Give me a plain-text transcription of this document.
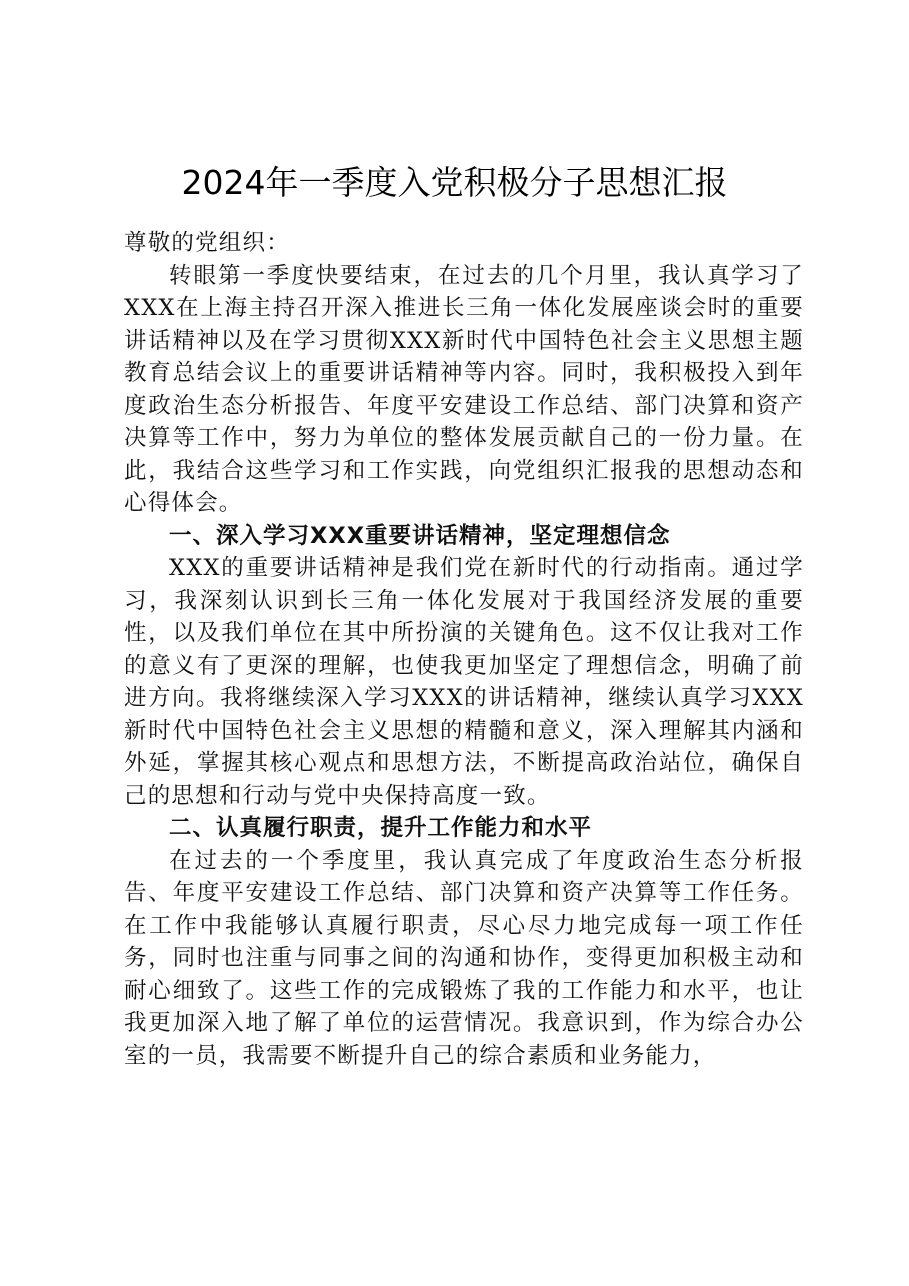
2024年一季度入党积极分子思想汇报

尊敬的党组织：

转眼第一季度快要结束，在过去的几个月里，我认真学习了XXX在上海主持召开深入推进长三角一体化发展座谈会时的重要讲话精神以及在学习贯彻XXX新时代中国特色社会主义思想主题教育总结会议上的重要讲话精神等内容。同时，我积极投入到年度政治生态分析报告、年度平安建设工作总结、部门决算和资产决算等工作中，努力为单位的整体发展贡献自己的一份力量。在此，我结合这些学习和工作实践，向党组织汇报我的思想动态和心得体会。

一、深入学习XXX重要讲话精神，坚定理想信念

XXX的重要讲话精神是我们党在新时代的行动指南。通过学习，我深刻认识到长三角一体化发展对于我国经济发展的重要性，以及我们单位在其中所扮演的关键角色。这不仅让我对工作的意义有了更深的理解，也使我更加坚定了理想信念，明确了前进方向。我将继续深入学习XXX的讲话精神，继续认真学习XXX新时代中国特色社会主义思想的精髓和意义，深入理解其内涵和外延，掌握其核心观点和思想方法，不断提高政治站位，确保自己的思想和行动与党中央保持高度一致。

二、认真履行职责，提升工作能力和水平

在过去的一个季度里，我认真完成了年度政治生态分析报告、年度平安建设工作总结、部门决算和资产决算等工作任务。在工作中我能够认真履行职责，尽心尽力地完成每一项工作任务，同时也注重与同事之间的沟通和协作，变得更加积极主动和耐心细致了。这些工作的完成锻炼了我的工作能力和水平，也让我更加深入地了解了单位的运营情况。我意识到，作为综合办公室的一员，我需要不断提升自己的综合素质和业务能力，
